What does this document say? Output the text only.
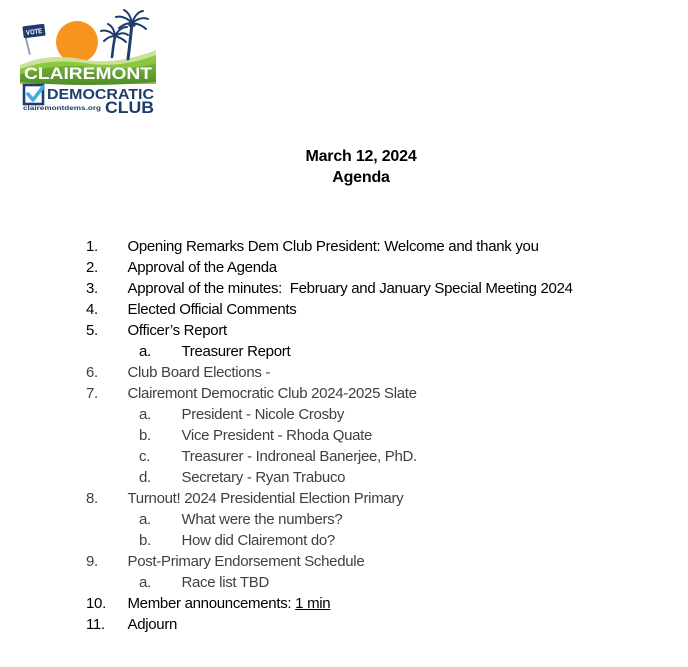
VOTE
CLAIREMONT
DEMOCRATIC
clairemontdems.org CLUB
March 12, 2024
Agenda

1. Opening Remarks Dem Club President: Welcome and thank you

2. Approval of the Agenda

3. Approval of the minutes:  February and January Special Meeting 2024

4. Elected Official Comments

5. Officer’s Report

a. Treasurer Report

6. Club Board Elections -

7. Clairemont Democratic Club 2024-2025 Slate

a. President - Nicole Crosby

b. Vice President - Rhoda Quate

c. Treasurer - Indroneal Banerjee, PhD.

d. Secretary - Ryan Trabuco

8. Turnout! 2024 Presidential Election Primary

a. What were the numbers?

b. How did Clairemont do?

9. Post-Primary Endorsement Schedule

a. Race list TBD

10. Member announcements: 1 min

11. Adjourn
